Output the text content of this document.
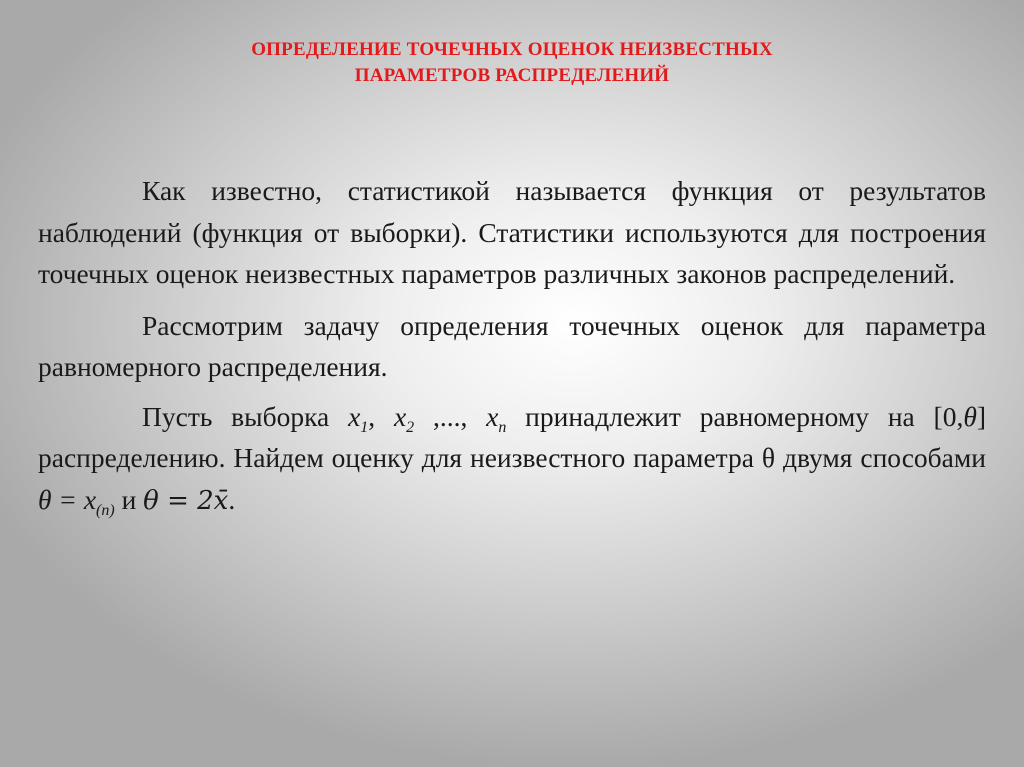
ОПРЕДЕЛЕНИЕ ТОЧЕЧНЫХ ОЦЕНОК НЕИЗВЕСТНЫХ
ПАРАМЕТРОВ РАСПРЕДЕЛЕНИЙ

Как известно, статистикой называется функция от результатов наблюдений (функция от выборки). Статистики используются для построения точечных оценок неизвестных параметров различных законов распределений.

Рассмотрим задачу определения точечных оценок для параметра равномерного распределения.

Пусть выборка $x_1$, $x_2$ ,..., $x_n$ принадлежит равномерному на [0,θ] распределению. Найдем оценку для неизвестного параметра θ двумя способами $\theta = x_{(n)}$ и θ = 2x̄.
